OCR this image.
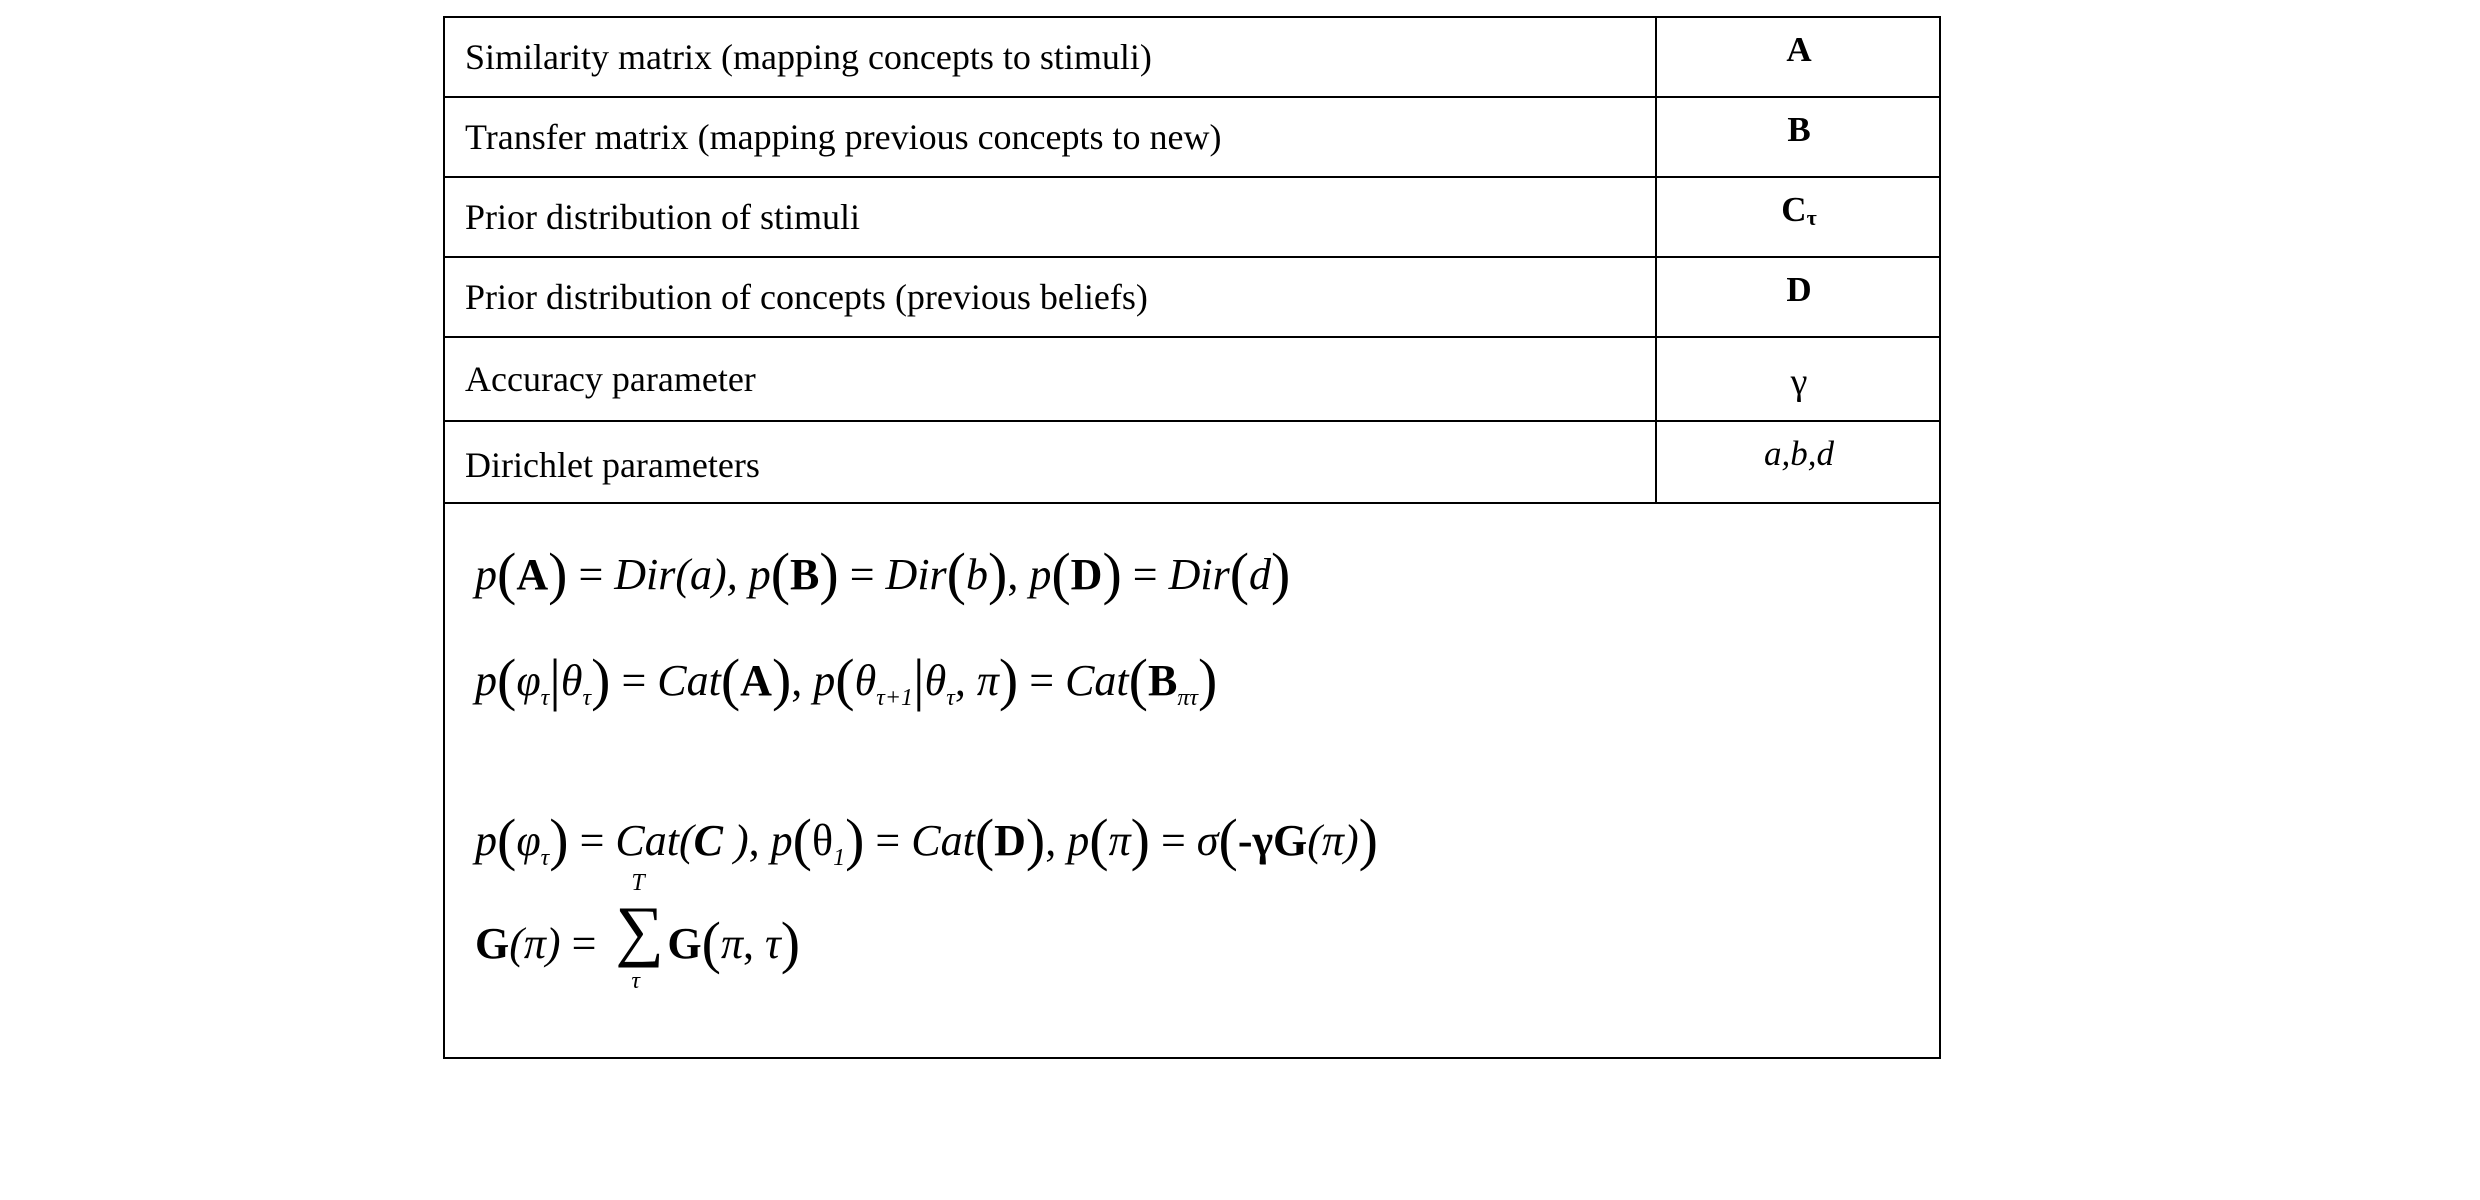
Similarity matrix (mapping concepts to stimuli)	A
Transfer matrix (mapping previous concepts to new)	B
Prior distribution of stimuli	Cτ
Prior distribution of concepts (previous beliefs)	D
Accuracy parameter	γ
Dirichlet parameters	a,b,d
p(A) = Dir(a), p(B) = Dir(b), p(D) = Dir(d)
$p(\varphi_\tau|\theta_\tau) = Cat(A)$, $p(\theta_{\tau+1}|\theta_\tau$, $\pi) = Cat(B_{\pi\tau})$
$p(\varphi_\tau) = Cat(C$ ), $p(\theta_1) = Cat(D)$, p(π) = σ(-γG(π))
G(π) =
T
∑
τ
G(π, τ)
